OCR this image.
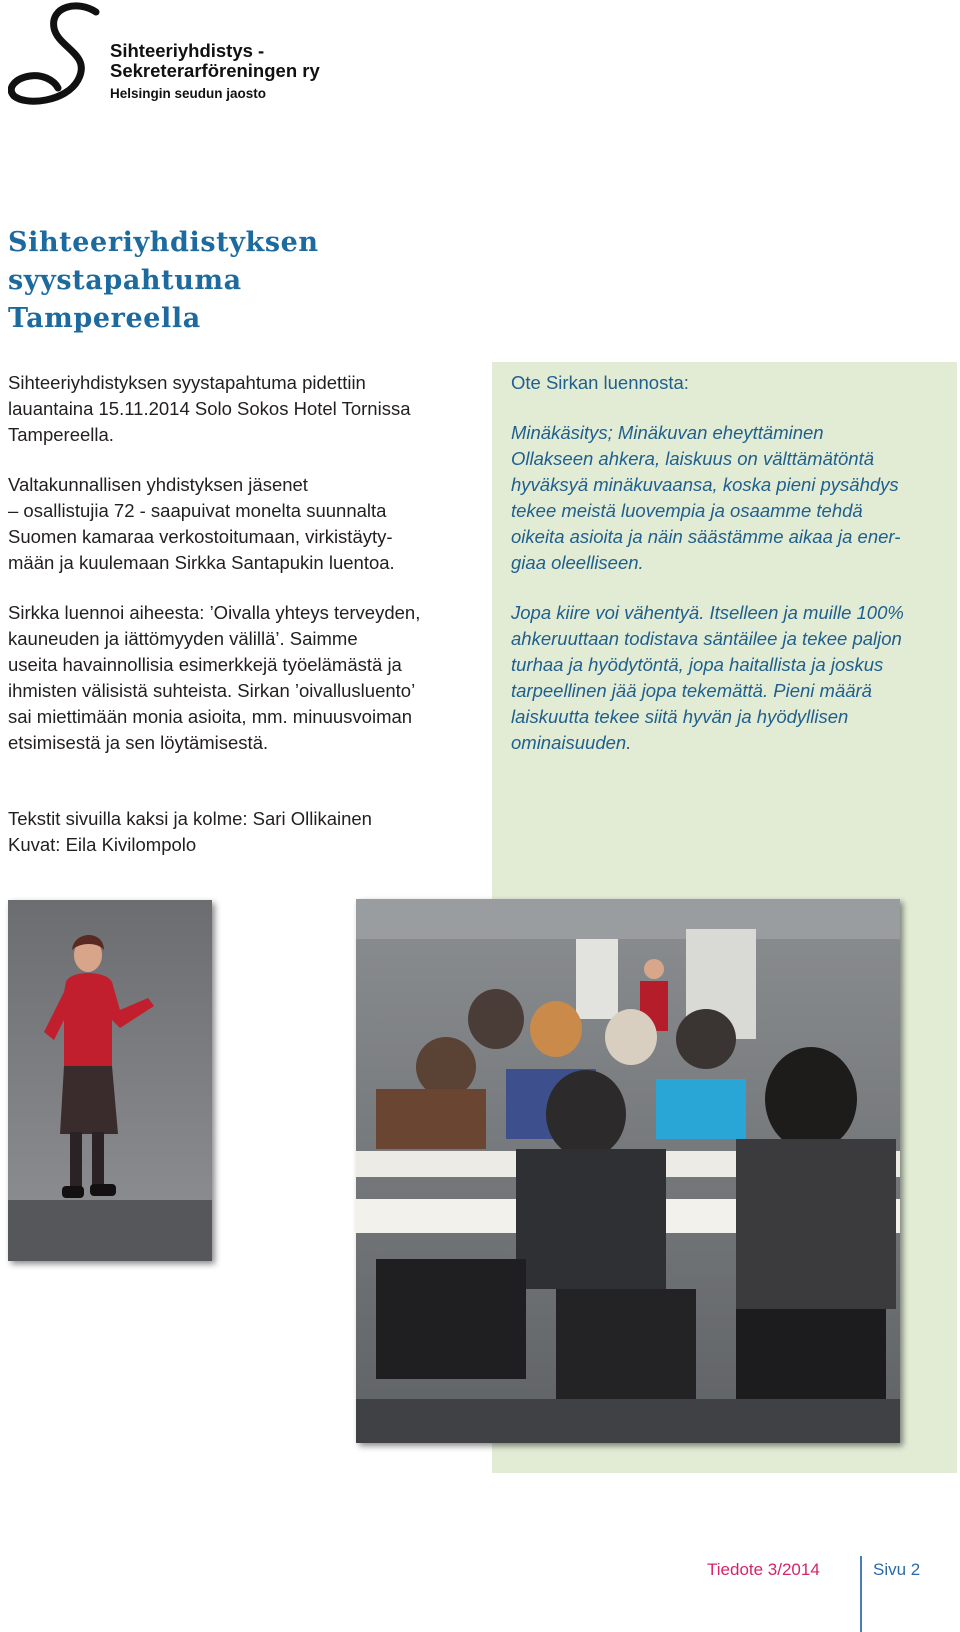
Sihteeriyhdistys -
Sekreterarföreningen ry
Helsingin seudun jaosto
Sihteeriyhdistyksen
syystapahtuma
Tampereella
Sihteeriyhdistyksen syystapahtuma pidettiin
lauantaina 15.11.2014 Solo Sokos Hotel Tornissa
Tampereella.
Valtakunnallisen yhdistyksen jäsenet
– osallistujia 72 - saapuivat monelta suunnalta
Suomen kamaraa verkostoitumaan, virkistäyty-
mään ja kuulemaan Sirkka Santapukin luentoa.
Sirkka luennoi aiheesta: ’Oivalla yhteys terveyden,
kauneuden ja iättömyyden välillä’. Saimme
useita havainnollisia esimerkkejä työelämästä ja
ihmisten välisistä suhteista. Sirkan ’oivallusluento’
sai miettimään monia asioita, mm. minuusvoiman
etsimisestä ja sen löytämisestä.
Tekstit sivuilla kaksi ja kolme: Sari Ollikainen
Kuvat: Eila Kivilompolo
Ote Sirkan luennosta:
Minäkäsitys; Minäkuvan eheyttäminen
Ollakseen ahkera, laiskuus on välttämätöntä
hyväksyä minäkuvaansa, koska pieni pysähdys
tekee meistä luovempia ja osaamme tehdä
oikeita asioita ja näin säästämme aikaa ja ener-
giaa oleelliseen.
Jopa kiire voi vähentyä. Itselleen ja muille 100%
ahkeruuttaan todistava säntäilee ja tekee paljon
turhaa ja hyödytöntä, jopa haitallista ja joskus
tarpeellinen jää jopa tekemättä. Pieni määrä
laiskuutta tekee siitä hyvän ja hyödyllisen
ominaisuuden.
Tiedote 3/2014	Sivu 2
